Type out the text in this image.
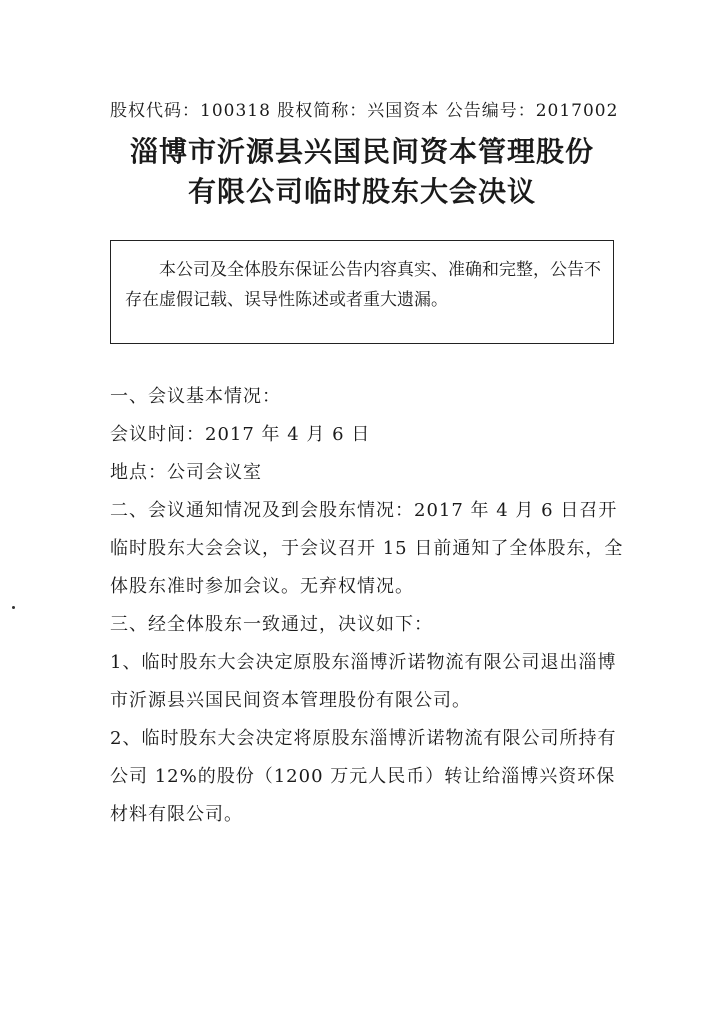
股权代码：100318 股权简称：兴国资本 公告编号：2017002
淄博市沂源县兴国民间资本管理股份
有限公司临时股东大会决议
本公司及全体股东保证公告内容真实、准确和完整，公告不存在虚假记载、误导性陈述或者重大遗漏。
一、会议基本情况：
会议时间：2017 年 4 月 6 日
地点：公司会议室
二、会议通知情况及到会股东情况：2017 年 4 月 6 日召开临时股东大会会议，于会议召开 15 日前通知了全体股东，全体股东准时参加会议。无弃权情况。
三、经全体股东一致通过，决议如下：
1、临时股东大会决定原股东淄博沂诺物流有限公司退出淄博市沂源县兴国民间资本管理股份有限公司。
2、临时股东大会决定将原股东淄博沂诺物流有限公司所持有公司 12%的股份（1200 万元人民币）转让给淄博兴资环保材料有限公司。
